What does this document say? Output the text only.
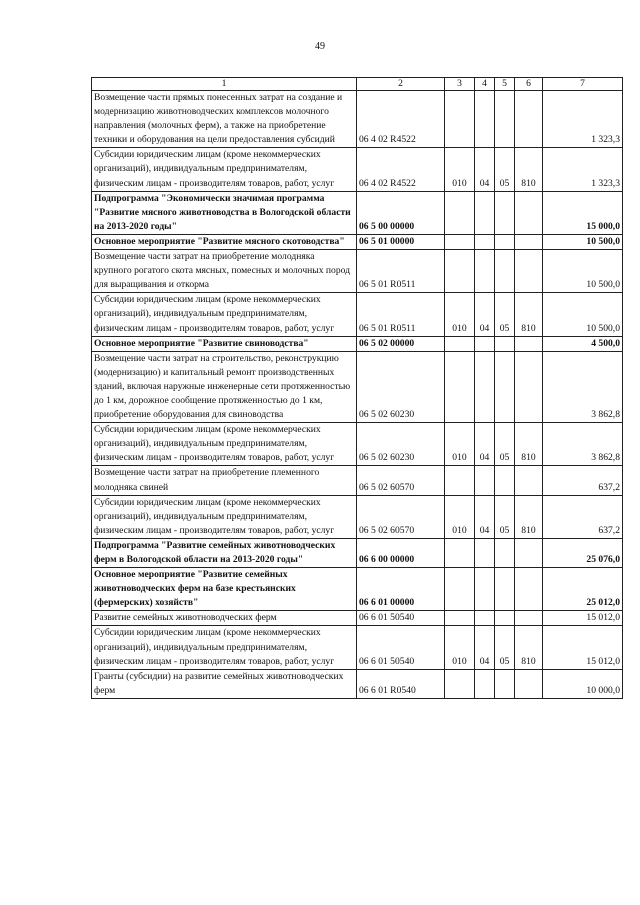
49
1	2	3	4	5	6	7
Возмещение части прямых понесенных затрат на создание и модернизацию животноводческих комплексов молочного направления (молочных ферм), а также на приобретение техники и оборудования на цели предоставления субсидий	06 4 02 R4522					1 323,3
Субсидии юридическим лицам (кроме некоммерческих организаций), индивидуальным предпринимателям, физическим лицам - производителям товаров, работ, услуг	06 4 02 R4522	010	04	05	810	1 323,3
Подпрограмма "Экономически значимая программа "Развитие мясного животноводства в Вологодской области на 2013-2020 годы"	06 5 00 00000					15 000,0
Основное мероприятие "Развитие мясного скотоводства"	06 5 01 00000					10 500,0
Возмещение части затрат на приобретение молодняка крупного рогатого скота мясных, помесных и молочных пород для выращивания и откорма	06 5 01 R0511					10 500,0
Субсидии юридическим лицам (кроме некоммерческих организаций), индивидуальным предпринимателям, физическим лицам - производителям товаров, работ, услуг	06 5 01 R0511	010	04	05	810	10 500,0
Основное мероприятие "Развитие свиноводства"	06 5 02 00000					4 500,0
Возмещение части затрат на строительство, реконструкцию (модернизацию) и капитальный ремонт производственных зданий, включая наружные инженерные сети протяженностью до 1 км, дорожное сообщение протяженностью до 1 км, приобретение оборудования для свиноводства	06 5 02 60230					3 862,8
Субсидии юридическим лицам (кроме некоммерческих организаций), индивидуальным предпринимателям, физическим лицам - производителям товаров, работ, услуг	06 5 02 60230	010	04	05	810	3 862,8
Возмещение части затрат на приобретение племенного молодняка свиней	06 5 02 60570					637,2
Субсидии юридическим лицам (кроме некоммерческих организаций), индивидуальным предпринимателям, физическим лицам - производителям товаров, работ, услуг	06 5 02 60570	010	04	05	810	637,2
Подпрограмма "Развитие семейных животноводческих ферм в Вологодской области на 2013-2020 годы"	06 6 00 00000					25 076,0
Основное мероприятие "Развитие семейных животноводческих ферм на базе крестьянских (фермерских) хозяйств"	06 6 01 00000					25 012,0
Развитие семейных животноводческих ферм	06 6 01 50540					15 012,0
Субсидии юридическим лицам (кроме некоммерческих организаций), индивидуальным предпринимателям, физическим лицам - производителям товаров, работ, услуг	06 6 01 50540	010	04	05	810	15 012,0
Гранты (субсидии) на развитие семейных животноводческих ферм	06 6 01 R0540					10 000,0
